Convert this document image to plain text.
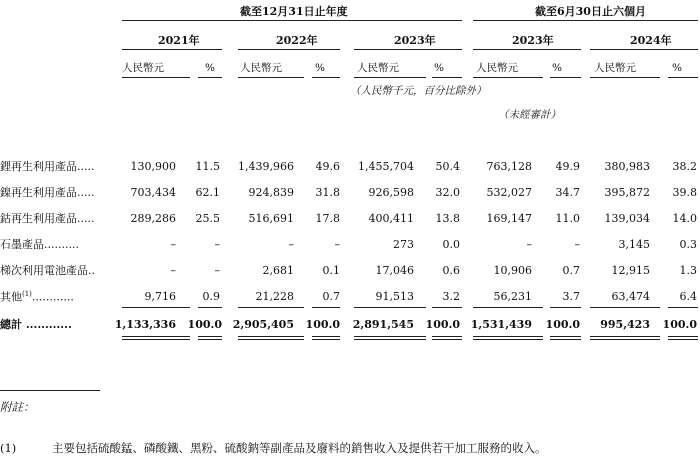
截至12月31日止年度	截至6月30日止六個月
2021年	2022年	2023年	2023年	2024年
人民幣元	% 人民幣元	%	人民幣元	%	人民幣元	%	人民幣元	%
（人民幣千元，百分比除外）
（未經審計）
鋰再生利用產品.....	130,900 11.5 1,439,966 49.6 1,455,704 50.4 763,128 49.9 380,983 38.2
鎳再生利用產品.....	703,434 62.1	924,839 31.8	926,598 32.0 532,027 34.7 395,872 39.8
鈷再生利用產品.....	289,286 25.5	516,691 17.8	400,411 13.8 169,147 11.0 139,034 14.0
石墨產品..........	–	–	–	–	273	0.0	–	–	3,145	0.3
梯次利用電池產品..	–	–	2,681	0.1	17,046	0.6	10,906	0.7	12,915	1.3
其他$^{(1)}$............	9,716 0.9	21,228	0.7	91,513	3.2	56,231	3.7	63,474	6.4
總計 ............	1,133,336 100.0 2,905,405 100.0 2,891,545 100.0 1,531,439 100.0 995,423 100.0
附註：
(1)	主要包括硫酸錳、磷酸鐵、黑粉、硫酸鈉等副產品及廢料的銷售收入及提供若干加工服務的收入。
